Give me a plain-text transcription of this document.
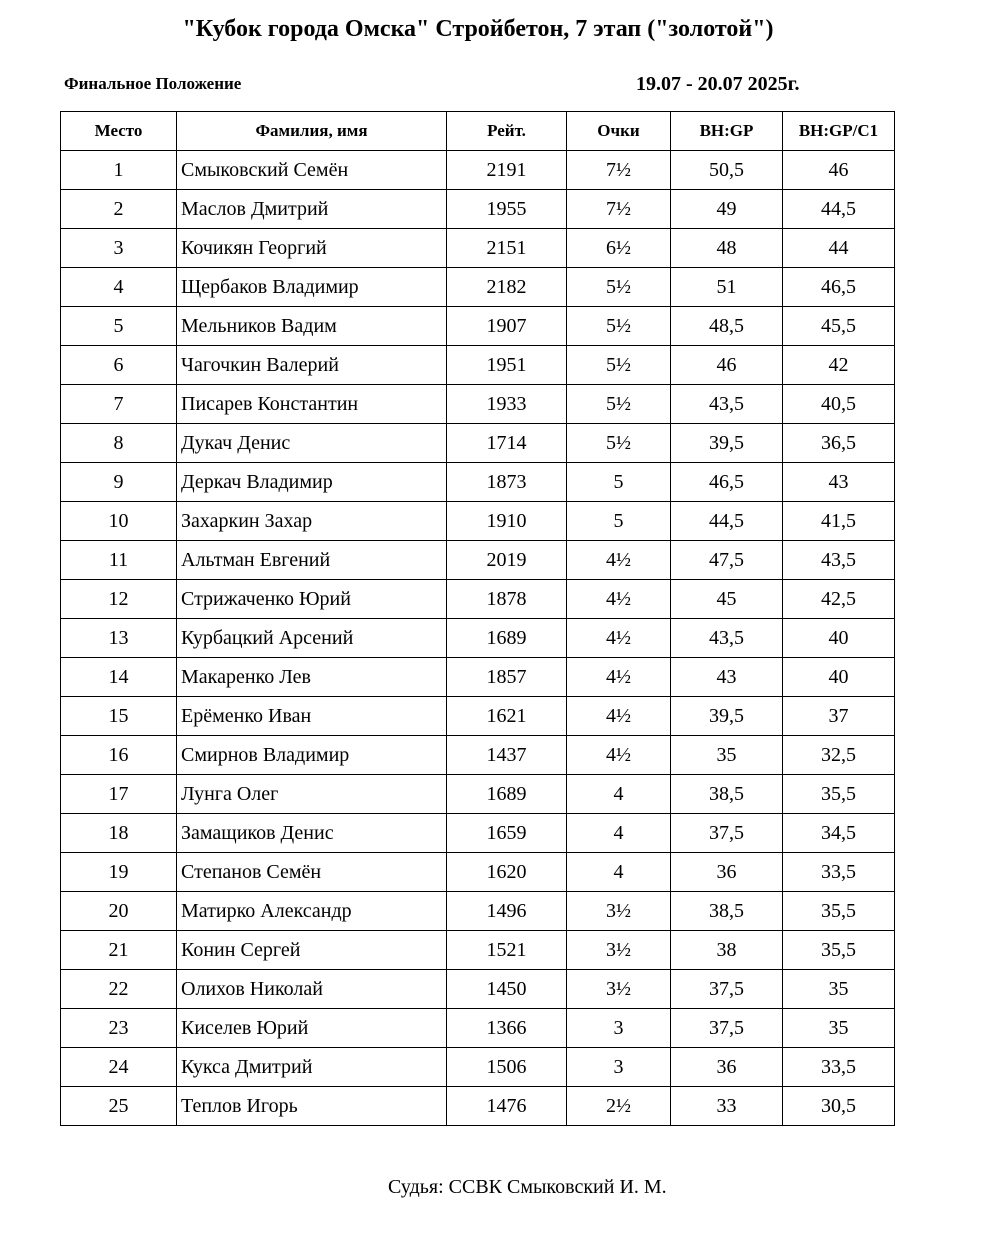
"Кубок города Омска" Стройбетон, 7 этап ("золотой")
Финальное Положение	19.07 - 20.07 2025г.
Место	Фамилия, имя	Рейт.	Очки	ВН:GP	ВН:GP/C1
1	Смыковский Семён	2191	7½	50,5	46
2	Маслов Дмитрий	1955	7½	49	44,5
3	Кочикян Георгий	2151	6½	48	44
4	Щербаков Владимир	2182	5½	51	46,5
5	Мельников Вадим	1907	5½	48,5	45,5
6	Чагочкин Валерий	1951	5½	46	42
7	Писарев Константин	1933	5½	43,5	40,5
8	Дукач Денис	1714	5½	39,5	36,5
9	Деркач Владимир	1873	5	46,5	43
10	Захаркин Захар	1910	5	44,5	41,5
11	Альтман Евгений	2019	4½	47,5	43,5
12	Стрижаченко Юрий	1878	4½	45	42,5
13	Курбацкий Арсений	1689	4½	43,5	40
14	Макаренко Лев	1857	4½	43	40
15	Ерёменко Иван	1621	4½	39,5	37
16	Смирнов Владимир	1437	4½	35	32,5
17	Лунга Олег	1689	4	38,5	35,5
18	Замащиков Денис	1659	4	37,5	34,5
19	Степанов Семён	1620	4	36	33,5
20	Матирко Александр	1496	3½	38,5	35,5
21	Конин Сергей	1521	3½	38	35,5
22	Олихов Николай	1450	3½	37,5	35
23	Киселев Юрий	1366	3	37,5	35
24	Кукса Дмитрий	1506	3	36	33,5
25	Теплов Игорь	1476	2½	33	30,5
Судья: ССВК Смыковский И. М.
